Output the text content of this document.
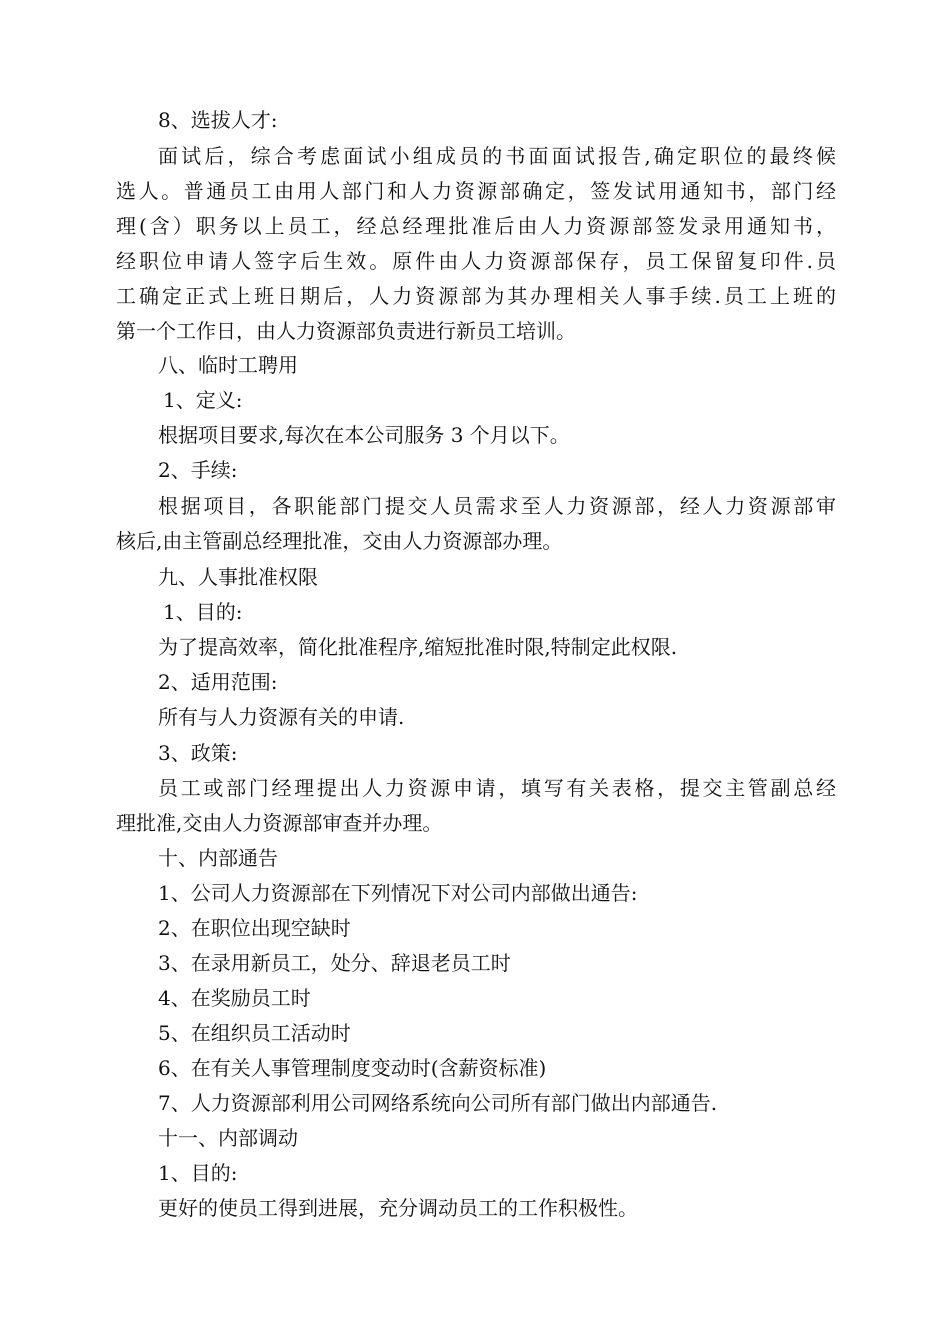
8、选拔人才:
面试后，综合考虑面试小组成员的书面面试报告,确定职位的最终候
选人。普通员工由用人部门和人力资源部确定，签发试用通知书，部门经
理(含）职务以上员工，经总经理批准后由人力资源部签发录用通知书，
经职位申请人签字后生效。原件由人力资源部保存，员工保留复印件.员
工确定正式上班日期后，人力资源部为其办理相关人事手续.员工上班的
第一个工作日，由人力资源部负责进行新员工培训。
八、临时工聘用
1、定义:
根据项目要求,每次在本公司服务 3 个月以下。
2、手续:
根据项目，各职能部门提交人员需求至人力资源部，经人力资源部审
核后,由主管副总经理批准，交由人力资源部办理。
九、人事批准权限
1、目的:
为了提高效率，简化批准程序,缩短批准时限,特制定此权限.
2、适用范围:
所有与人力资源有关的申请.
3、政策:
员工或部门经理提出人力资源申请，填写有关表格，提交主管副总经
理批准,交由人力资源部审查并办理。
十、内部通告
1、公司人力资源部在下列情况下对公司内部做出通告:
2、在职位出现空缺时
3、在录用新员工，处分、辞退老员工时
4、在奖励员工时
5、在组织员工活动时
6、在有关人事管理制度变动时(含薪资标准)
7、人力资源部利用公司网络系统向公司所有部门做出内部通告.
十一、内部调动
1、目的:
更好的使员工得到进展，充分调动员工的工作积极性。
